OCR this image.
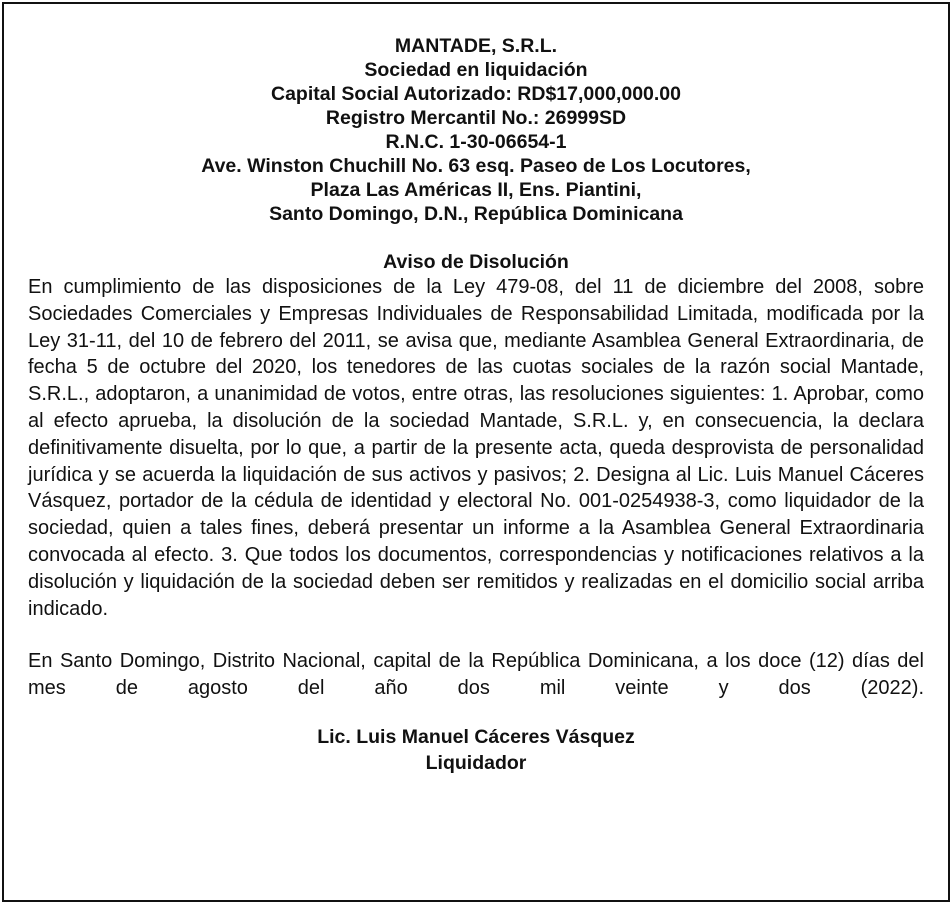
MANTADE, S.R.L.

Sociedad en liquidación

Capital Social Autorizado: RD$17,000,000.00

Registro Mercantil No.: 26999SD

R.N.C. 1-30-06654-1

Ave. Winston Chuchill No. 63 esq. Paseo de Los Locutores,

Plaza Las Américas II, Ens. Piantini,

Santo Domingo, D.N., República Dominicana

Aviso de Disolución

En cumplimiento de las disposiciones de la Ley 479-08, del 11 de diciembre del 2008, sobre Sociedades Comerciales y Empresas Individuales de Responsabilidad Limitada, modificada por la Ley 31-11, del 10 de febrero del 2011, se avisa que, mediante Asamblea General Extraordinaria, de fecha 5 de octubre del 2020, los tenedores de las cuotas sociales de la razón social Mantade, S.R.L., adoptaron, a unanimidad de votos, entre otras, las resoluciones siguientes: 1. Aprobar, como al efecto aprueba, la disolución de la sociedad Mantade, S.R.L. y, en consecuencia, la declara definitivamente disuelta, por lo que, a partir de la presente acta, queda desprovista de personalidad jurídica y se acuerda la liquidación de sus activos y pasivos; 2. Designa al Lic. Luis Manuel Cáceres Vásquez, portador de la cédula de identidad y electoral No. 001-0254938-3, como liquidador de la sociedad, quien a tales fines, deberá presentar un informe a la Asamblea General Extraordinaria convocada al efecto. 3. Que todos los documentos, correspondencias y notificaciones relativos a la disolución y liquidación de la sociedad deben ser remitidos y realizadas en el domicilio social arriba indicado.

En Santo Domingo, Distrito Nacional, capital de la República Dominicana, a los doce (12) días del mes de agosto del año dos mil veinte y dos (2022).

Lic. Luis Manuel Cáceres Vásquez
Liquidador
